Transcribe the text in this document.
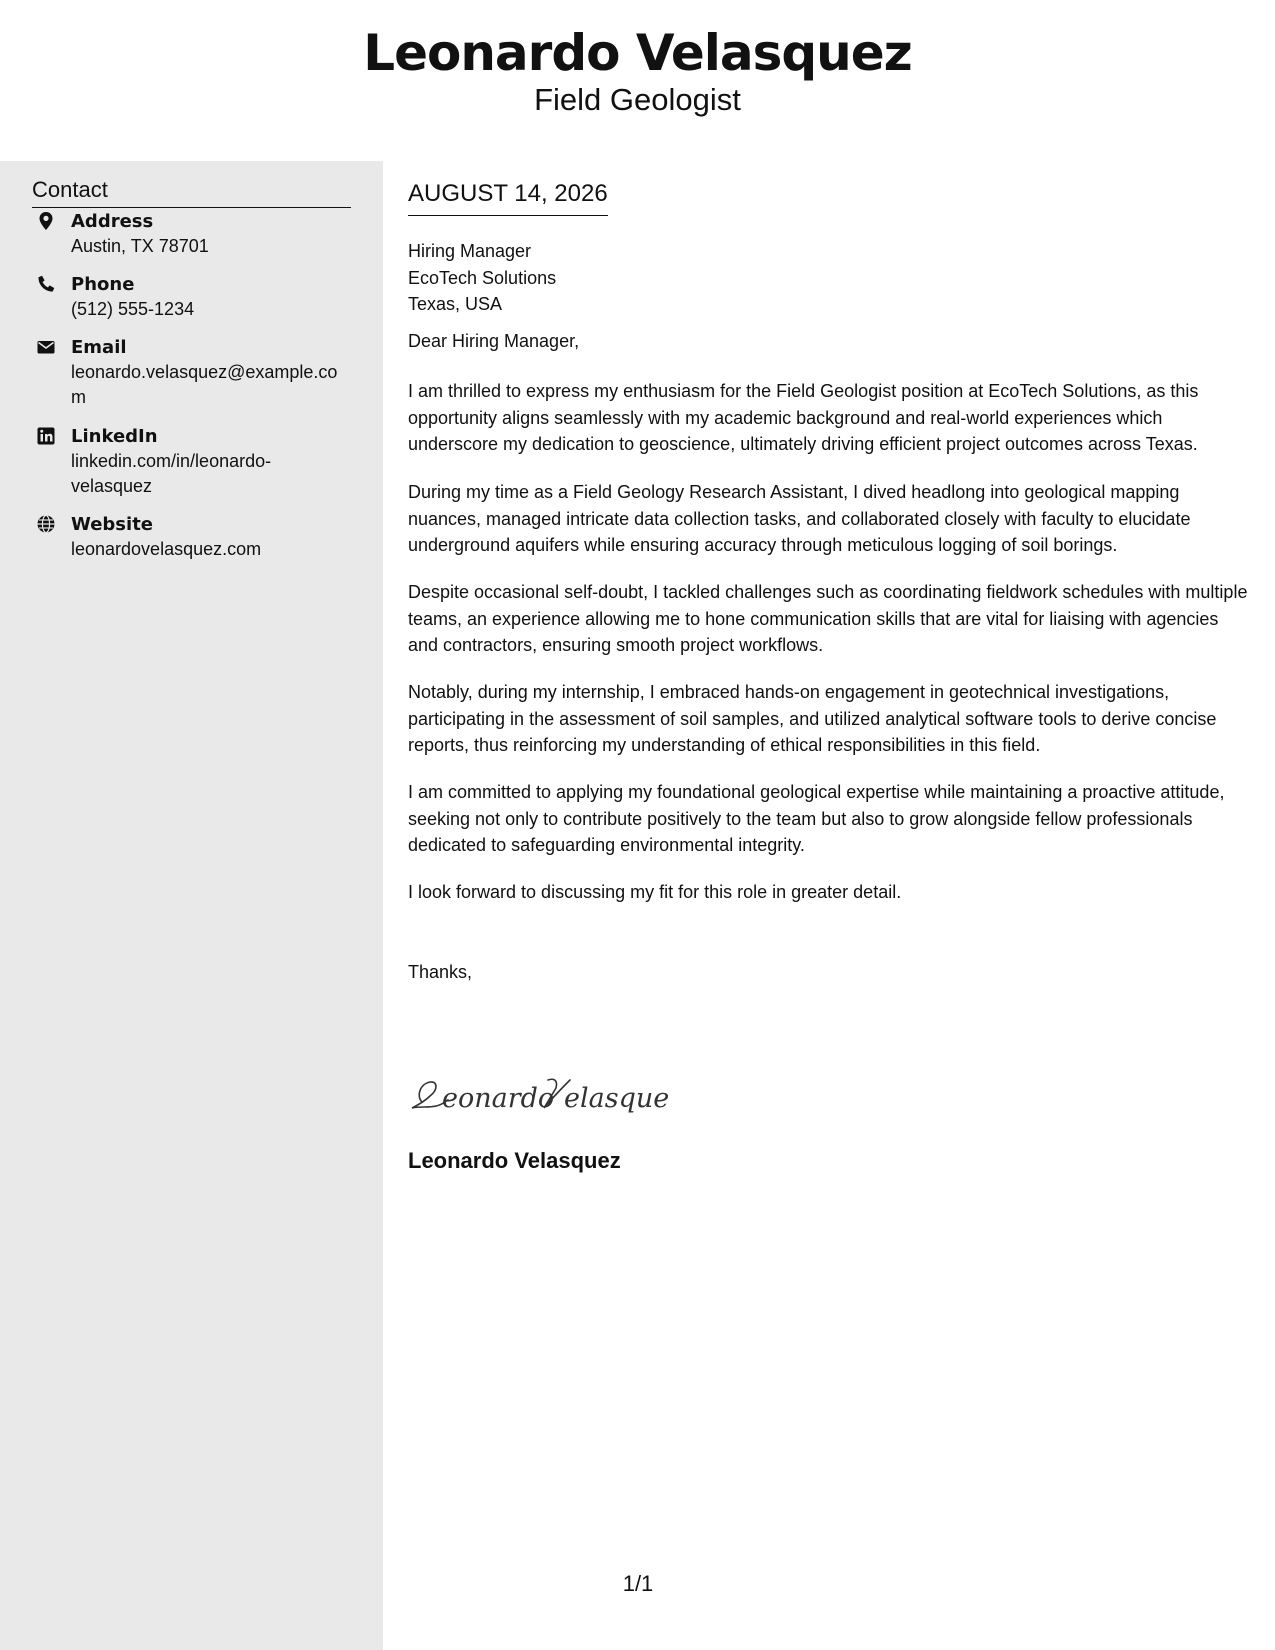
Leonardo Velasquez
Field Geologist
Contact
Address
Austin, TX 78701
Phone
(512) 555-1234
Email
leonardo.velasquez@example.com
LinkedIn
linkedin.com/in/leonardo-velasquez
Website
leonardovelasquez.com
AUGUST 14, 2026
Hiring Manager
EcoTech Solutions
Texas, USA

Dear Hiring Manager,

I am thrilled to express my enthusiasm for the Field Geologist position at EcoTech Solutions, as this opportunity aligns seamlessly with my academic background and real-world experiences which underscore my dedication to geoscience, ultimately driving efficient project outcomes across Texas.

During my time as a Field Geology Research Assistant, I dived headlong into geological mapping nuances, managed intricate data collection tasks, and collaborated closely with faculty to elucidate underground aquifers while ensuring accuracy through meticulous logging of soil borings.

Despite occasional self-doubt, I tackled challenges such as coordinating fieldwork schedules with multiple teams, an experience allowing me to hone communication skills that are vital for liaising with agencies and contractors, ensuring smooth project workflows.

Notably, during my internship, I embraced hands-on engagement in geotechnical investigations, participating in the assessment of soil samples, and utilized analytical software tools to derive concise reports, thus reinforcing my understanding of ethical responsibilities in this field.

I am committed to applying my foundational geological expertise while maintaining a proactive attitude, seeking not only to contribute positively to the team but also to grow alongside fellow professionals dedicated to safeguarding environmental integrity.

I look forward to discussing my fit for this role in greater detail.

Thanks,

eonardo elasque
Leonardo Velasquez
1/1
